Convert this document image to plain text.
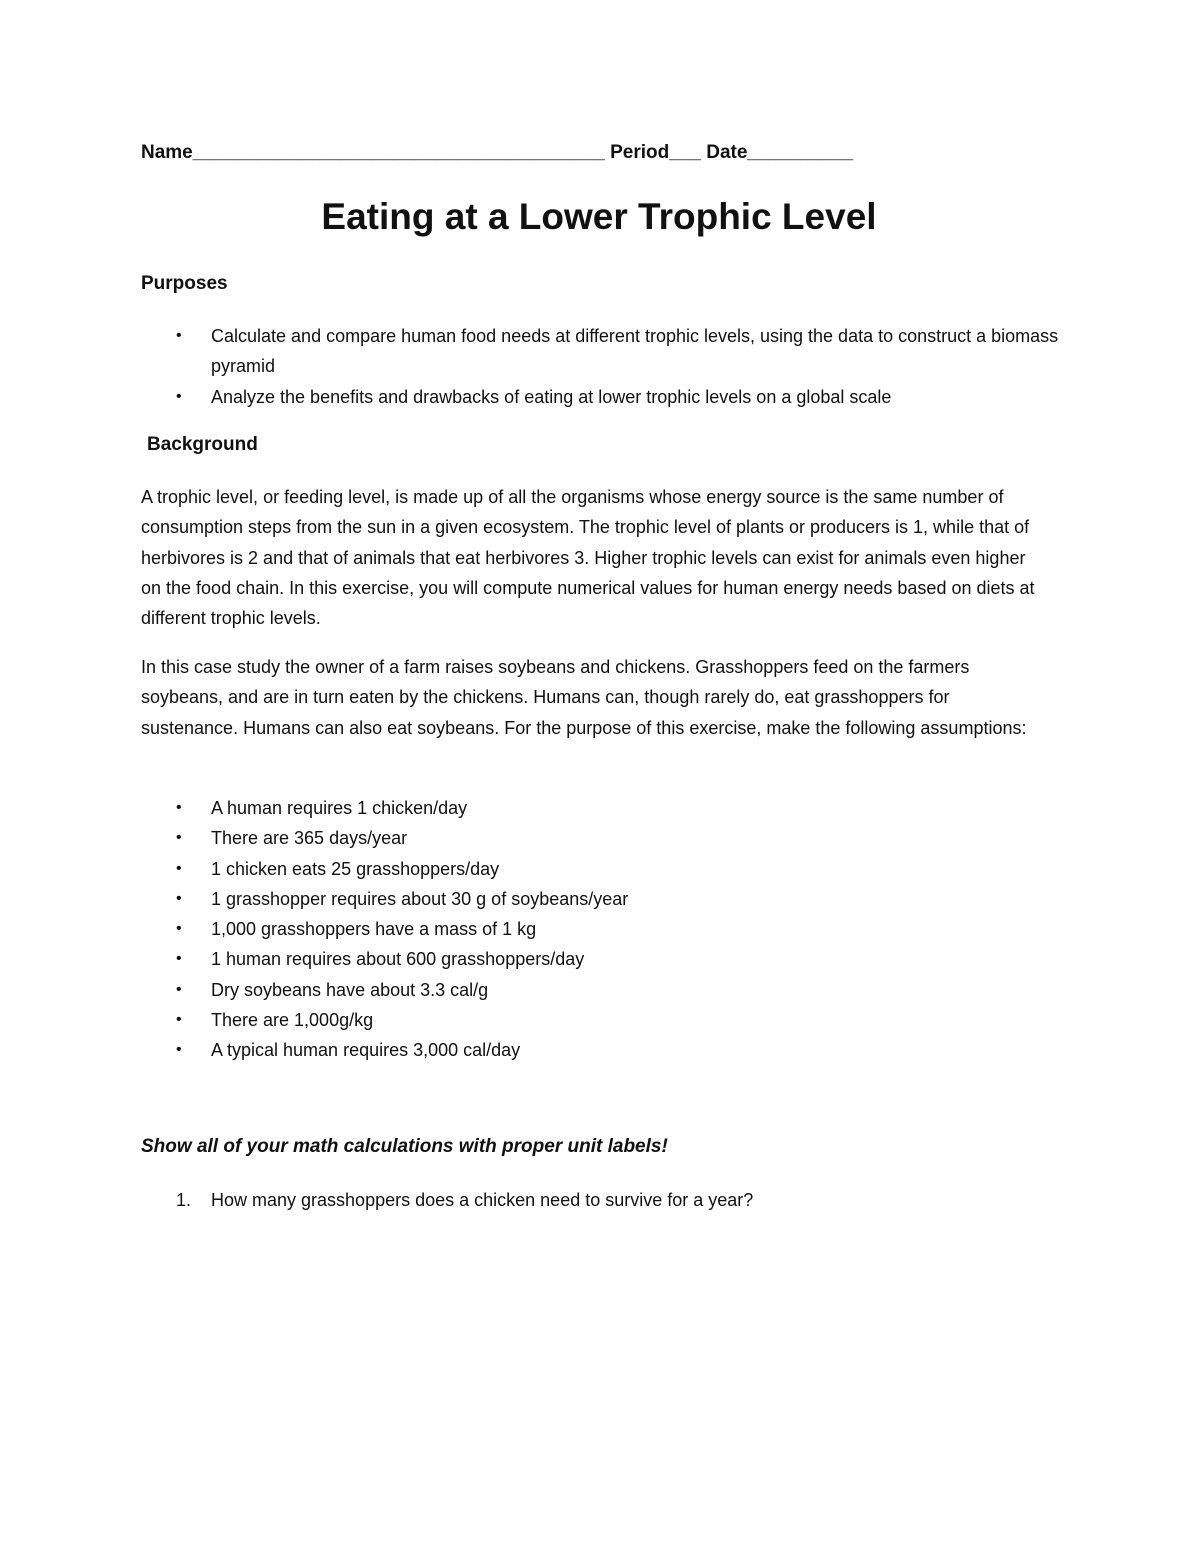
Name_______________________________________ Period___ Date__________
Eating at a Lower Trophic Level
Purposes
• Calculate and compare human food needs at different trophic levels, using the data to construct a biomass pyramid
• Analyze the benefits and drawbacks of eating at lower trophic levels on a global scale
Background

A trophic level, or feeding level, is made up of all the organisms whose energy source is the same number of consumption steps from the sun in a given ecosystem. The trophic level of plants or producers is 1, while that of herbivores is 2 and that of animals that eat herbivores 3. Higher trophic levels can exist for animals even higher on the food chain. In this exercise, you will compute numerical values for human energy needs based on diets at different trophic levels.

In this case study the owner of a farm raises soybeans and chickens. Grasshoppers feed on the farmers soybeans, and are in turn eaten by the chickens. Humans can, though rarely do, eat grasshoppers for sustenance. Humans can also eat soybeans. For the purpose of this exercise, make the following assumptions:

• A human requires 1 chicken/day
• There are 365 days/year
• 1 chicken eats 25 grasshoppers/day
• 1 grasshopper requires about 30 g of soybeans/year
• 1,000 grasshoppers have a mass of 1 kg
• 1 human requires about 600 grasshoppers/day
• Dry soybeans have about 3.3 cal/g
• There are 1,000g/kg
• A typical human requires 3,000 cal/day
Show all of your math calculations with proper unit labels!
1. How many grasshoppers does a chicken need to survive for a year?
